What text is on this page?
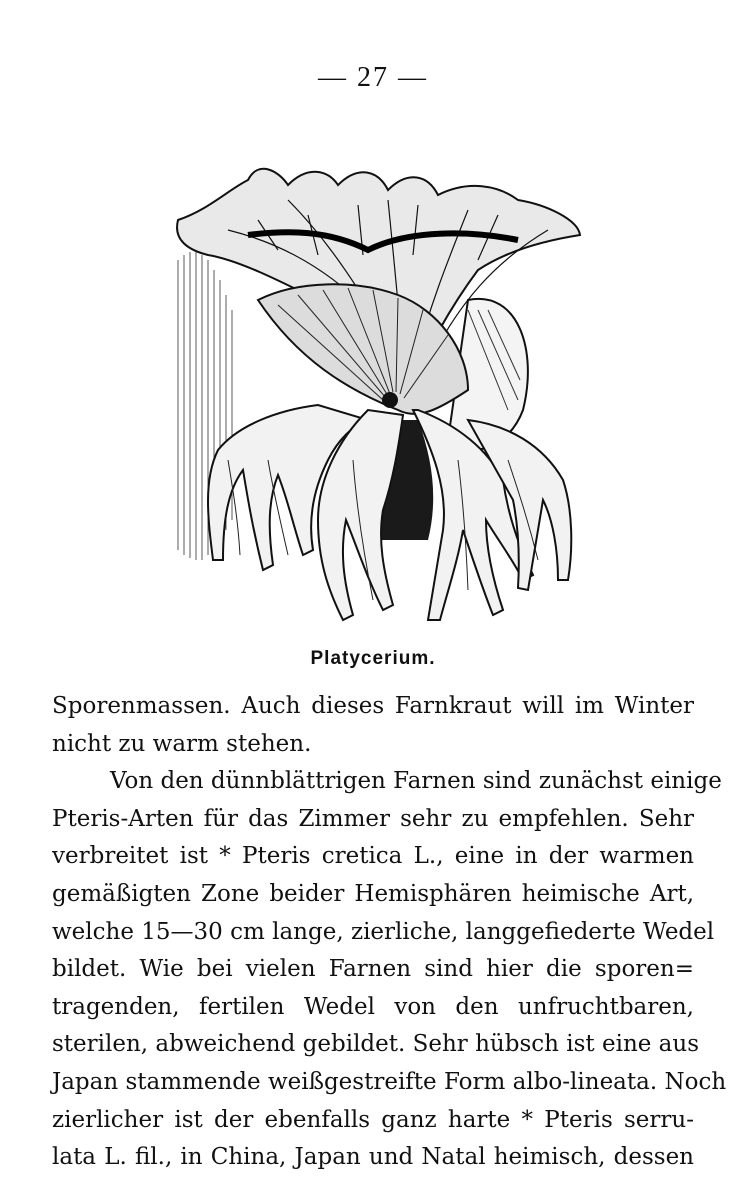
— 27 —
Platycerium.
Sporenmassen. Auch dieses Farnkraut will im Winter
nicht zu warm stehen.
Von den dünnblättrigen Farnen sind zunächst einige
Pteris-Arten für das Zimmer sehr zu empfehlen. Sehr
verbreitet ist * Pteris cretica L., eine in der warmen
gemäßigten Zone beider Hemisphären heimische Art,
welche 15—30 cm lange, zierliche, langgefiederte Wedel
bildet. Wie bei vielen Farnen sind hier die sporen=
tragenden, fertilen Wedel von den unfruchtbaren,
sterilen, abweichend gebildet. Sehr hübsch ist eine aus
Japan stammende weißgestreifte Form albo-lineata. Noch
zierlicher ist der ebenfalls ganz harte * Pteris serru-
lata L. fil., in China, Japan und Natal heimisch, dessen
